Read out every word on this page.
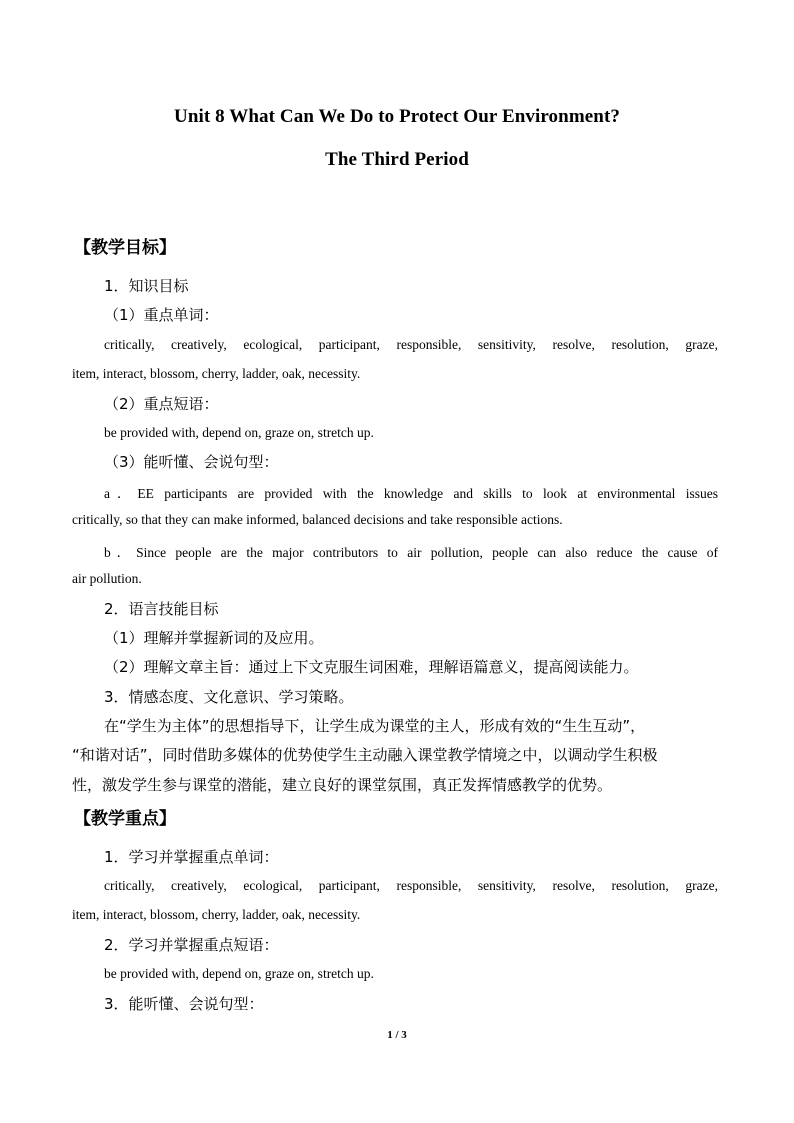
Unit 8 What Can We Do to Protect Our Environment?
The Third Period
【教学目标】
1．知识目标
（1）重点单词：
critically, creatively, ecological, participant, responsible, sensitivity, resolve, resolution, graze,
item, interact, blossom, cherry, ladder, oak, necessity.
（2）重点短语：
be provided with, depend on, graze on, stretch up.
（3）能听懂、会说句型：
a．EE participants are provided with the knowledge and skills to look at environmental issues
critically, so that they can make informed, balanced decisions and take responsible actions.
b．Since people are the major contributors to air pollution, people can also reduce the cause of
air pollution.
2．语言技能目标
（1）理解并掌握新词的及应用。
（2）理解文章主旨：通过上下文克服生词困难，理解语篇意义，提高阅读能力。
3．情感态度、文化意识、学习策略。
在“学生为主体”的思想指导下，让学生成为课堂的主人，形成有效的“生生互动”，
“和谐对话”，同时借助多媒体的优势使学生主动融入课堂教学情境之中，以调动学生积极
性，激发学生参与课堂的潜能，建立良好的课堂氛围，真正发挥情感教学的优势。
【教学重点】
1．学习并掌握重点单词：
critically, creatively, ecological, participant, responsible, sensitivity, resolve, resolution, graze,
item, interact, blossom, cherry, ladder, oak, necessity.
2．学习并掌握重点短语：
be provided with, depend on, graze on, stretch up.
3．能听懂、会说句型：
1 / 3
